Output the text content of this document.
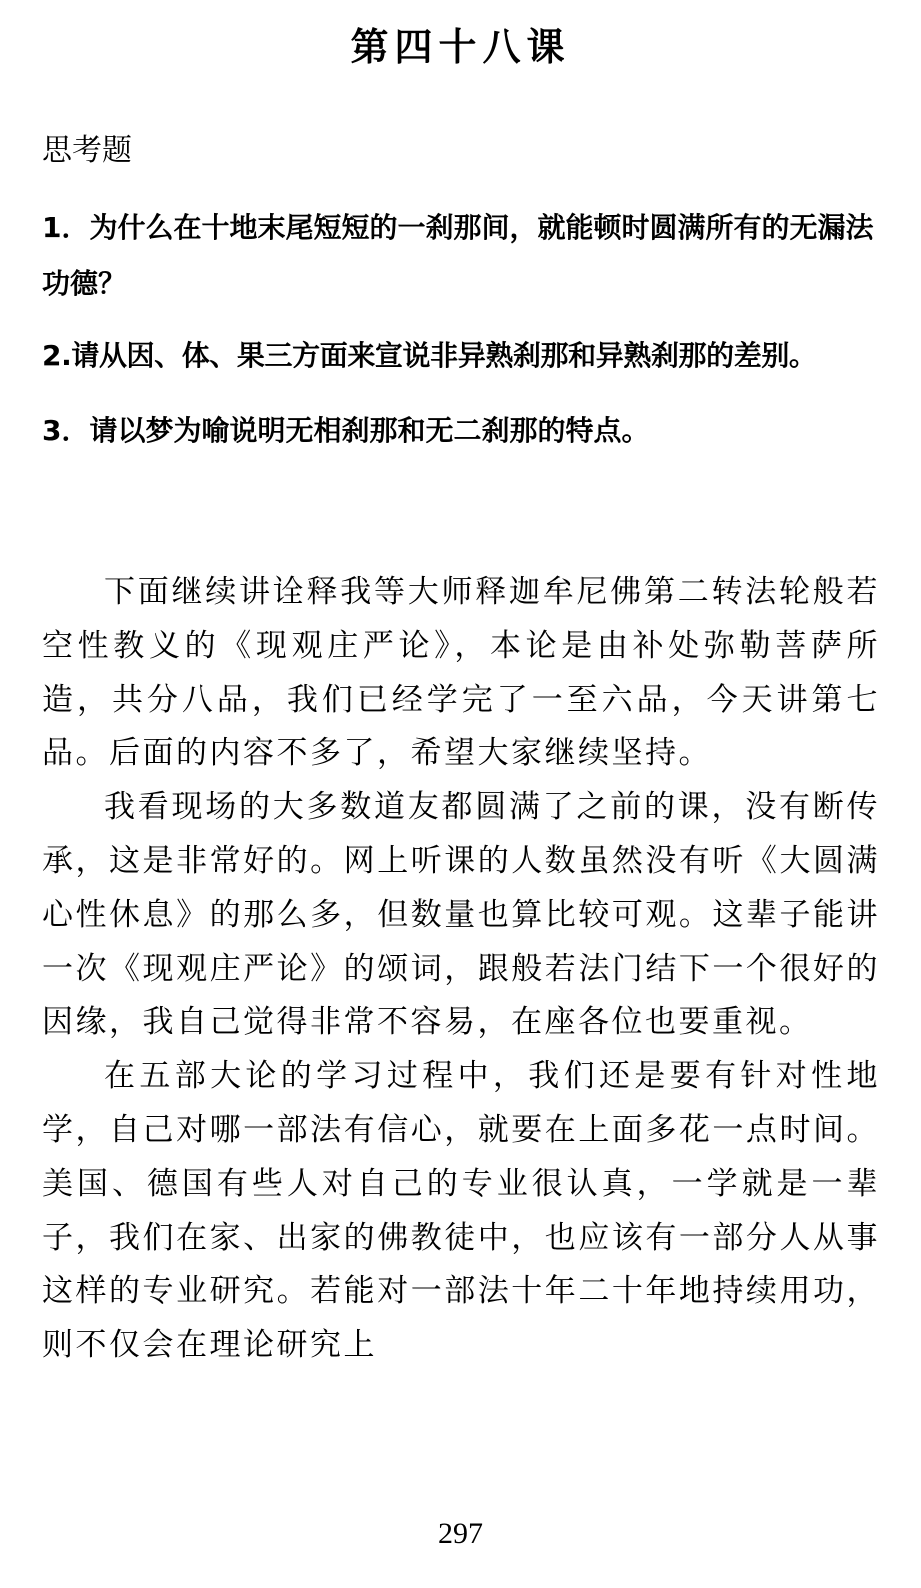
第四十八课
思考题

1．为什么在十地末尾短短的一刹那间，就能顿时圆满所有的无漏法功德？

2.请从因、体、果三方面来宣说非异熟刹那和异熟刹那的差别。

3．请以梦为喻说明无相刹那和无二刹那的特点。

下面继续讲诠释我等大师释迦牟尼佛第二转法轮般若空性教义的《现观庄严论》，本论是由补处弥勒菩萨所造，共分八品，我们已经学完了一至六品，今天讲第七品。后面的内容不多了，希望大家继续坚持。

我看现场的大多数道友都圆满了之前的课，没有断传承，这是非常好的。网上听课的人数虽然没有听《大圆满心性休息》的那么多，但数量也算比较可观。这辈子能讲一次《现观庄严论》的颂词，跟般若法门结下一个很好的因缘，我自己觉得非常不容易，在座各位也要重视。

在五部大论的学习过程中，我们还是要有针对性地学，自己对哪一部法有信心，就要在上面多花一点时间。美国、德国有些人对自己的专业很认真，一学就是一辈子，我们在家、出家的佛教徒中，也应该有一部分人从事这样的专业研究。若能对一部法十年二十年地持续用功，则不仅会在理论研究上

297
